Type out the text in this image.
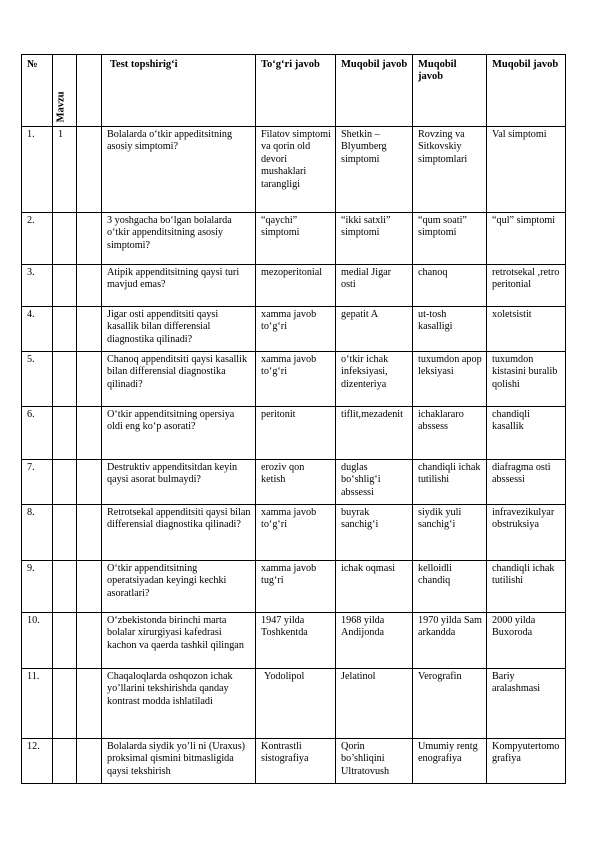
№	Mavzu		Test topshirig‘i	To‘g‘ri javob	Muqobil javob	Muqobil javob	Muqobil javob
1.	1		Bolalarda o‘tkir appeditsitning asosiy simptomi?	Filatov simptomi va qorin old devori mushaklari tarangligi	Shetkin – Blyumberg simptomi	Rovzing va Sitkovskiy simptomlari	Val simptomi
2.			3 yoshgacha bo‘lgan bolalarda o‘tkir appenditsitning asosiy simptomi?	“qaychi” simptomi	“ikki satxli” simptomi	“qum soati” simptomi	“qul” simptomi
3.			Atipik appenditsitning qaysi turi mavjud emas?	mezoperitonial	medial Jigar osti	chanoq	retrotsekal ,retroperitonial
4.			Jigar osti appenditsiti qaysi kasallik bilan differensial diagnostika qilinadi?	xamma javob to‘g‘ri	gepatit A	ut-tosh kasalligi	xoletsistit
5.			Chanoq appenditsiti qaysi kasallik bilan differensial diagnostika qilinadi?	xamma javob to‘g‘ri	o‘tkir ichak infeksiyasi, dizenteriya	tuxumdon apopleksiyasi	tuxumdon kistasini buralib qolishi
6.			O‘tkir appenditsitning opersiya oldi eng ko‘p asorati?	peritonit	tiflit,mezadenit	ichaklararo abssess	chandiqli kasallik
7.			Destruktiv appenditsitdan keyin qaysi asorat bulmaydi?	eroziv qon ketish	duglas bo‘shlig‘i abssessi	chandiqli ichak tutilishi	diafragma osti abssessi
8.			Retrotsekal appenditsiti qaysi bilan differensial diagnostika qilinadi?	xamma javob to‘g‘ri	buyrak sanchig‘i	siydik yuli sanchig‘i	infravezikulyar obstruksiya
9.			O‘tkir appenditsitning operatsiyadan keyingi kechki asoratlari?	xamma javob tug‘ri	ichak oqmasi	kelloidli chandiq	chandiqli ichak tutilishi
10.			O‘zbekistonda birinchi marta bolalar xirurgiyasi kafedrasi kachon va qaerda tashkil qilingan	1947 yilda Toshkentda	1968 yilda Andijonda	1970 yilda Samarkandda	2000 yilda Buxoroda
11.			Chaqaloqlarda oshqozon ichak yo’llarini tekshirishda qanday kontrast modda ishlatiladi	Yodolipol	Jelatinol	Verografin	Bariy aralashmasi
12.			Bolalarda siydik yo’li ni (Uraxus) proksimal qismini bitmasligida qaysi tekshirish	Kontrastli sistografiya	Qorin bo’shliqini Ultratovush	Umumiy rentgenografiya	Kompyutertomografiya
